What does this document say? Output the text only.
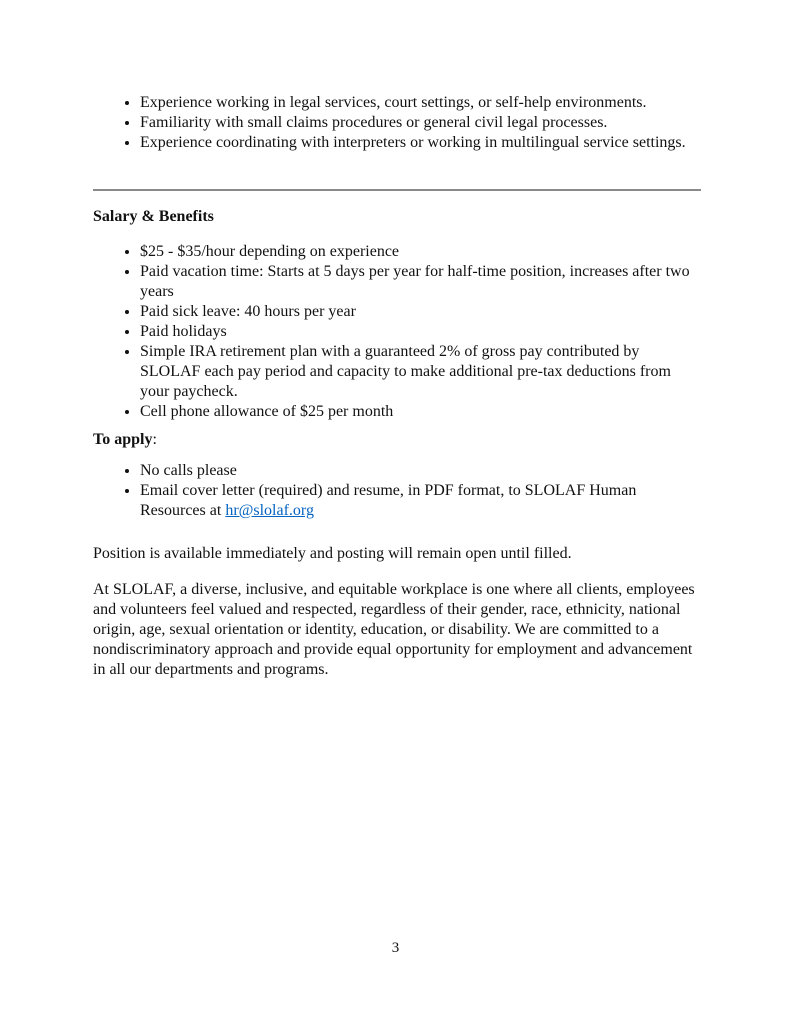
• Experience working in legal services, court settings, or self-help environments.
• Familiarity with small claims procedures or general civil legal processes.
• Experience coordinating with interpreters or working in multilingual service settings.

Salary & Benefits

• $25 - $35/hour depending on experience
• Paid vacation time: Starts at 5 days per year for half-time position, increases after two years
• Paid sick leave: 40 hours per year
• Paid holidays
• Simple IRA retirement plan with a guaranteed 2% of gross pay contributed by SLOLAF each pay period and capacity to make additional pre-tax deductions from your paycheck.
• Cell phone allowance of $25 per month

To apply:

• No calls please
• Email cover letter (required) and resume, in PDF format, to SLOLAF Human Resources at hr@slolaf.org

Position is available immediately and posting will remain open until filled.

At SLOLAF, a diverse, inclusive, and equitable workplace is one where all clients, employees and volunteers feel valued and respected, regardless of their gender, race, ethnicity, national origin, age, sexual orientation or identity, education, or disability. We are committed to a nondiscriminatory approach and provide equal opportunity for employment and advancement in all our departments and programs.

3
